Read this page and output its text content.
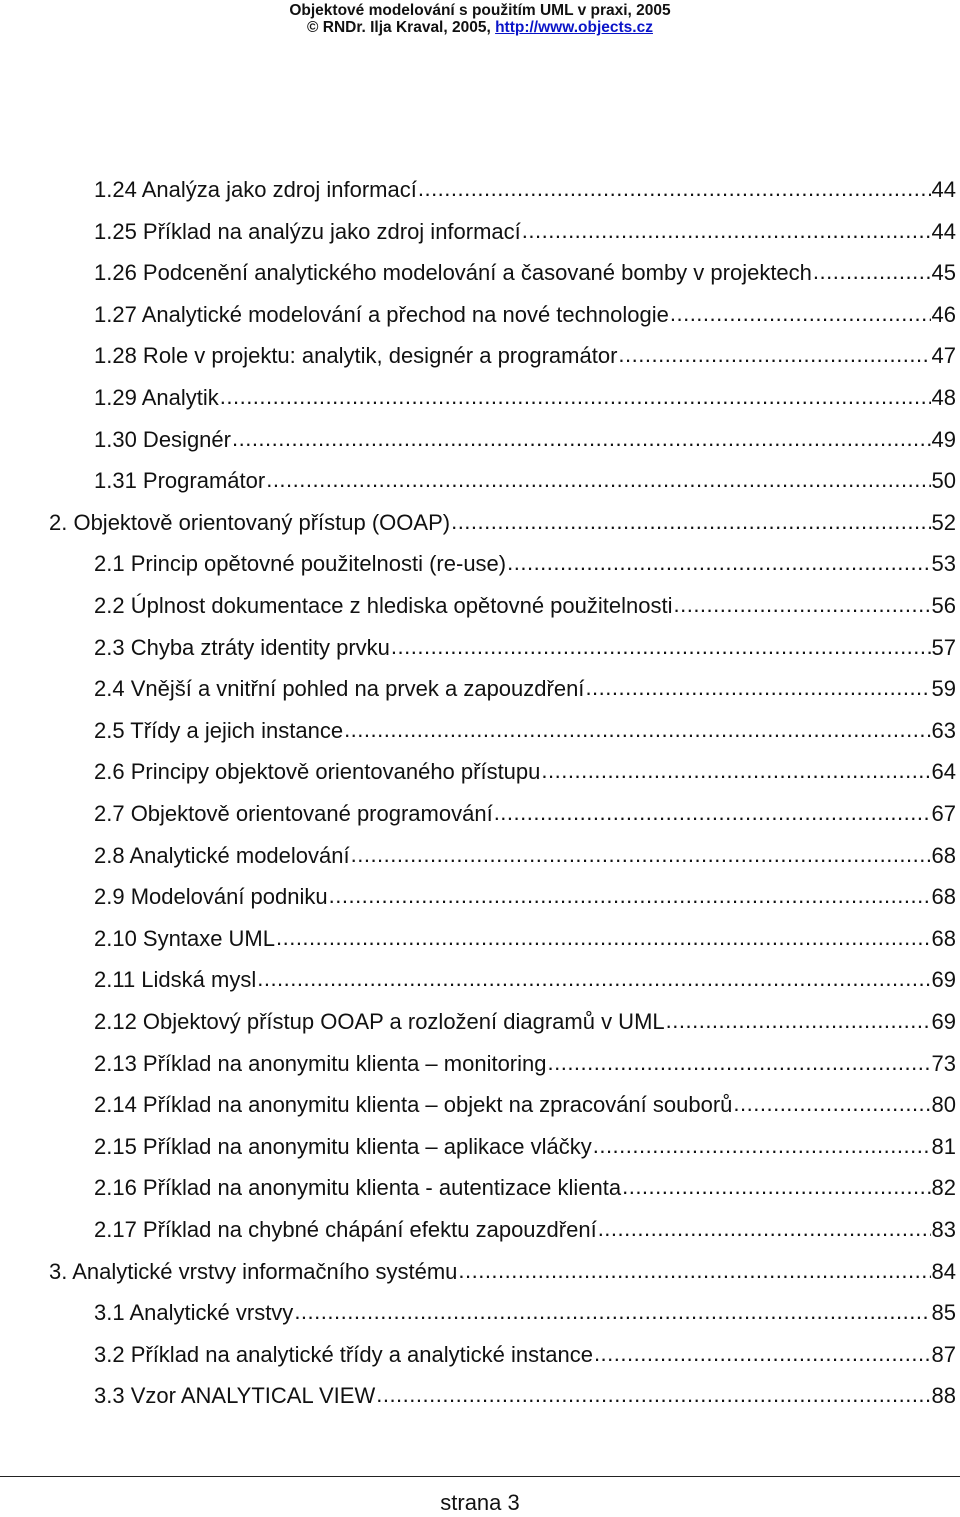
Objektové modelování s použitím UML v praxi, 2005
© RNDr. Ilja Kraval, 2005, http://www.objects.cz
1.24 Analýza jako zdroj informací .....	44
1.25 Příklad na analýzu jako zdroj informací .....	44
1.26 Podcenění analytického modelování a časované bomby v projektech .....	45
1.27 Analytické modelování a přechod na nové technologie .....	46
1.28 Role v projektu: analytik, designér a programátor .....	47
1.29 Analytik .....	48
1.30 Designér .....	49
1.31 Programátor .....	50
2. Objektově orientovaný přístup (OOAP) .....	52
2.1 Princip opětovné použitelnosti (re-use) .....	53
2.2 Úplnost dokumentace z hlediska opětovné použitelnosti .....	56
2.3 Chyba ztráty identity prvku .....	57
2.4 Vnější a vnitřní pohled na prvek a zapouzdření .....	59
2.5 Třídy a jejich instance .....	63
2.6 Principy objektově orientovaného přístupu .....	64
2.7 Objektově orientované programování .....	67
2.8 Analytické modelování .....	68
2.9 Modelování podniku .....	68
2.10 Syntaxe UML .....	68
2.11 Lidská mysl .....	69
2.12 Objektový přístup OOAP a rozložení diagramů v UML .....	69
2.13 Příklad na anonymitu klienta – monitoring .....	73
2.14 Příklad na anonymitu klienta – objekt na zpracování souborů .....	80
2.15 Příklad na anonymitu klienta – aplikace vláčky .....	81
2.16 Příklad na anonymitu klienta - autentizace klienta .....	82
2.17 Příklad na chybné chápání efektu zapouzdření .....	83
3. Analytické vrstvy informačního systému .....	84
3.1 Analytické vrstvy .....	85
3.2 Příklad na analytické třídy a analytické instance .....	87
3.3 Vzor ANALYTICAL VIEW .....	88
strana 3
